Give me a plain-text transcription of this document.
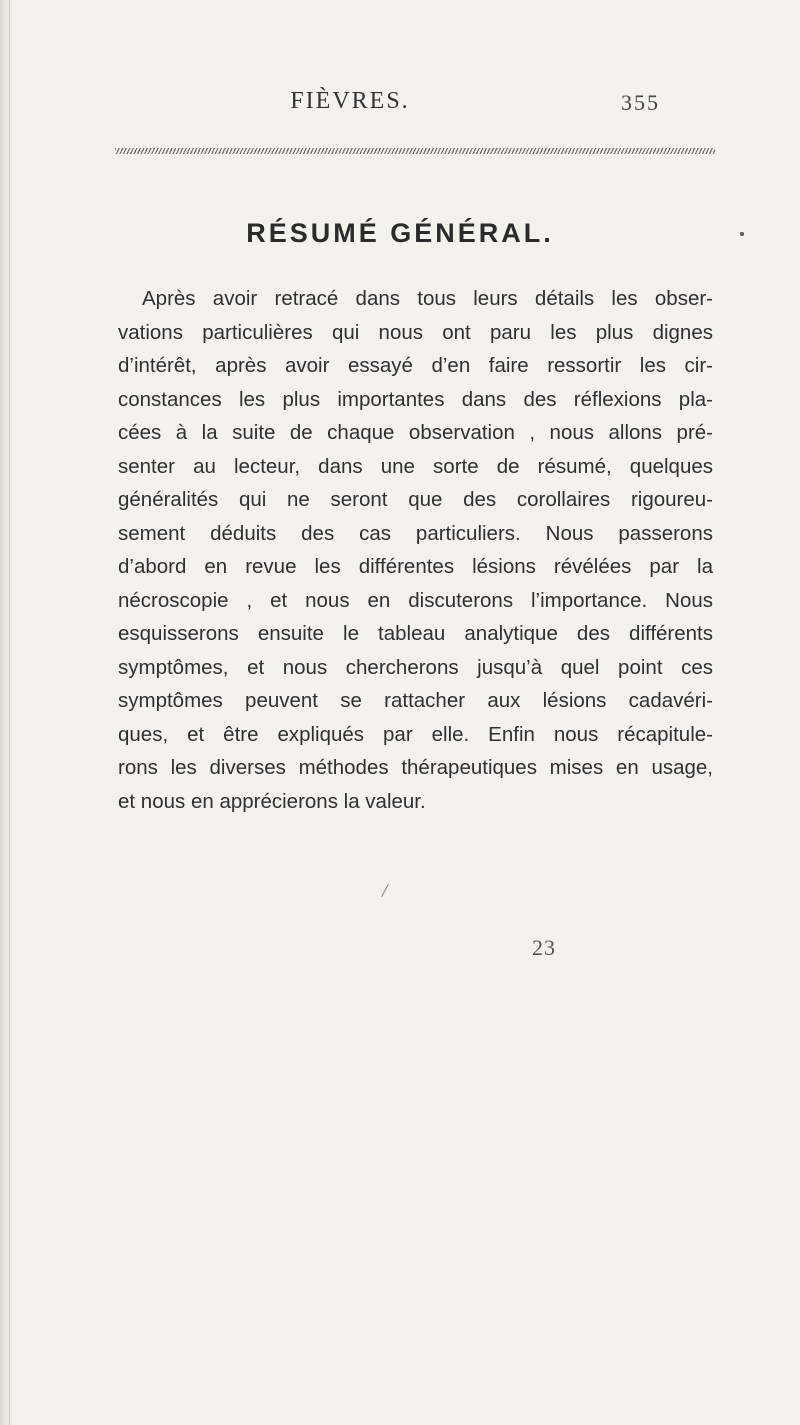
FIÈVRES.	355
RÉSUMÉ GÉNÉRAL.
Après avoir retracé dans tous leurs détails les obser-
vations particulières qui nous ont paru les plus dignes
d’intérêt, après avoir essayé d’en faire ressortir les cir-
constances les plus importantes dans des réflexions pla-
cées à la suite de chaque observation , nous allons pré-
senter au lecteur, dans une sorte de résumé, quelques
généralités qui ne seront que des corollaires rigoureu-
sement déduits des cas particuliers. Nous passerons
d’abord en revue les différentes lésions révélées par la
nécroscopie , et nous en discuterons l’importance. Nous
esquisserons ensuite le tableau analytique des différents
symptômes, et nous chercherons jusqu’à quel point ces
symptômes peuvent se rattacher aux lésions cadavéri-
ques, et être expliqués par elle. Enfin nous récapitule-
rons les diverses méthodes thérapeutiques mises en usage,
et nous en apprécierons la valeur.
/
23
